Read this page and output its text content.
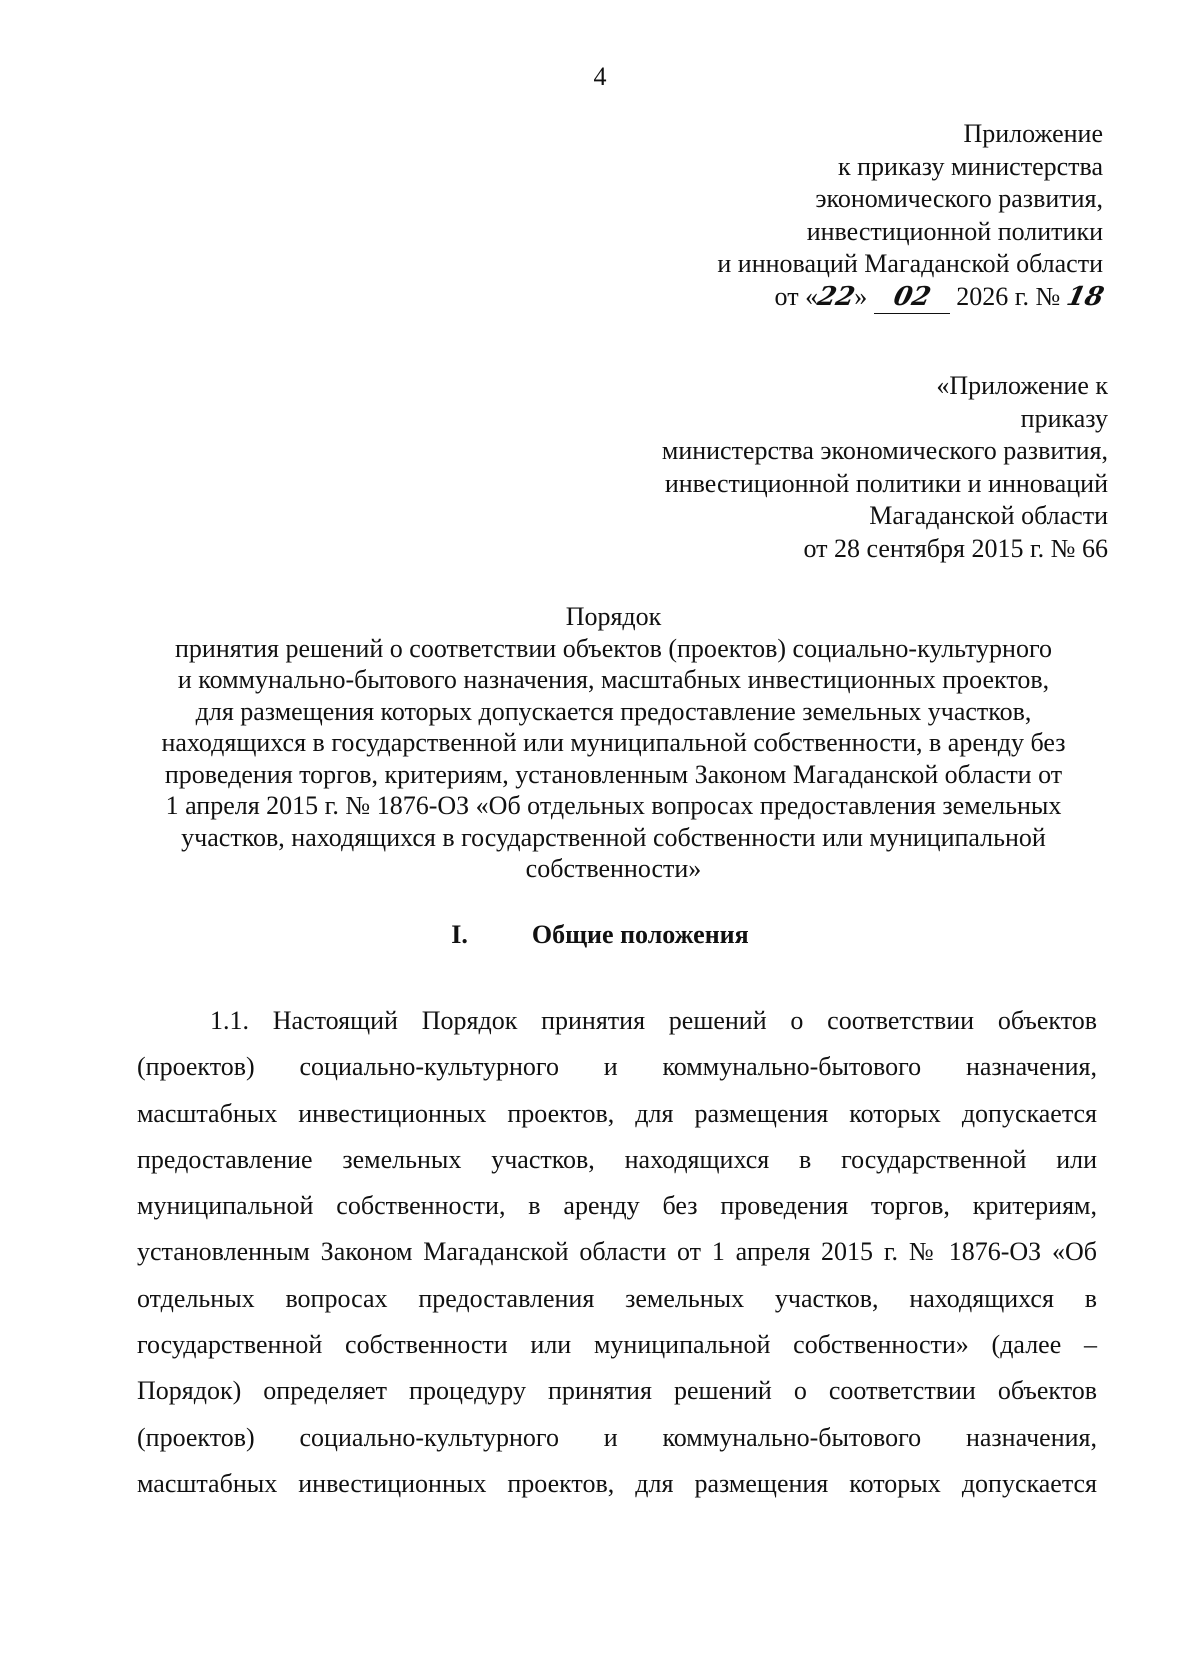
4
Приложение
к приказу министерства
экономического развития,
инвестиционной политики
и инноваций Магаданской области
от «22» 02 2026 г. № 18
«Приложение к
приказу
министерства экономического развития,
инвестиционной политики и инноваций
Магаданской области
от 28 сентября 2015 г. № 66
Порядок
принятия решений о соответствии объектов (проектов) социально-культурного
и коммунально-бытового назначения, масштабных инвестиционных проектов,
для размещения которых допускается предоставление земельных участков,
находящихся в государственной или муниципальной собственности, в аренду без
проведения торгов, критериям, установленным Законом Магаданской области от
1 апреля 2015 г. № 1876-ОЗ «Об отдельных вопросах предоставления земельных
участков, находящихся в государственной собственности или муниципальной
собственности»
I. Общие положения
1.1. Настоящий Порядок принятия решений о соответствии объектов
(проектов) социально-культурного и коммунально-бытового назначения,
масштабных инвестиционных проектов, для размещения которых допускается
предоставление земельных участков, находящихся в государственной или
муниципальной собственности, в аренду без проведения торгов, критериям,
установленным Законом Магаданской области от 1 апреля 2015 г. № 1876-ОЗ «Об
отдельных вопросах предоставления земельных участков, находящихся в
государственной собственности или муниципальной собственности» (далее –
Порядок) определяет процедуру принятия решений о соответствии объектов
(проектов) социально-культурного и коммунально-бытового назначения,
масштабных инвестиционных проектов, для размещения которых допускается
